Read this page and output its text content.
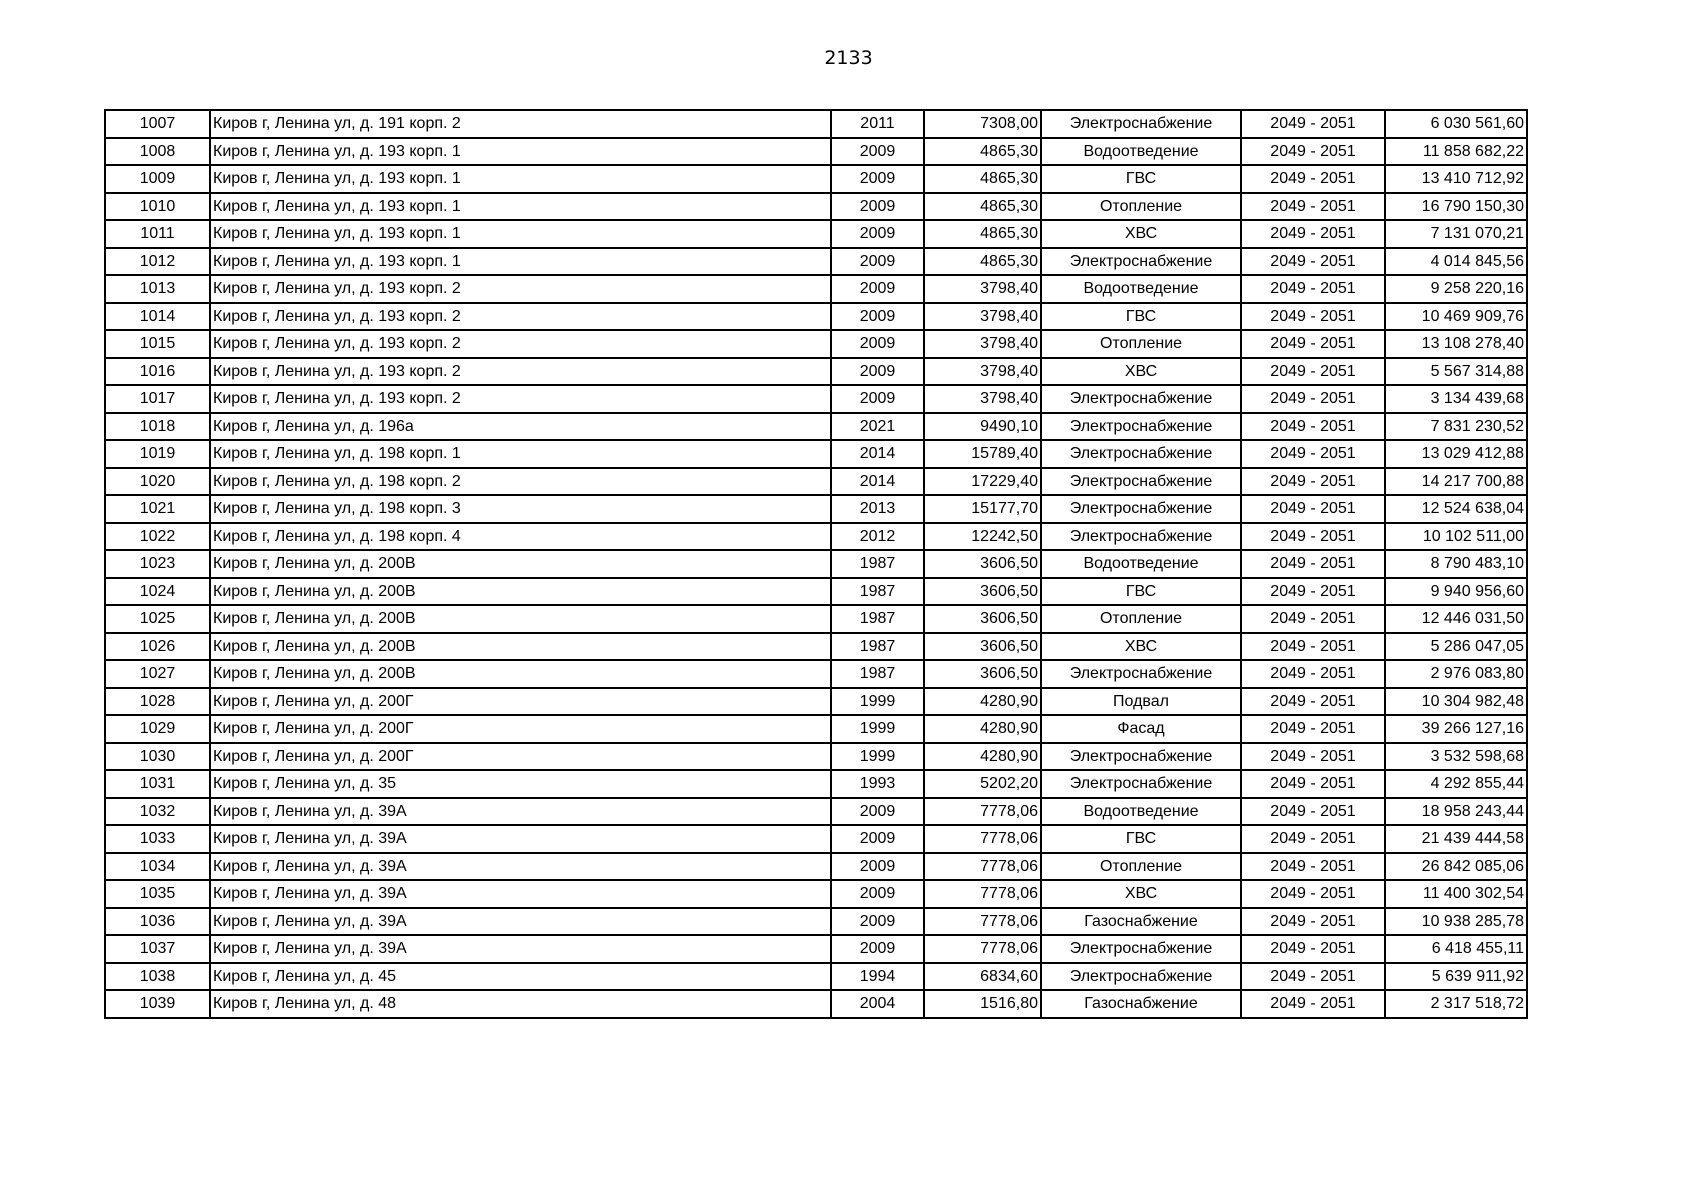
2133
1007	Киров г, Ленина ул, д. 191 корп. 2	2011	7308,00	Электроснабжение	2049 - 2051	6 030 561,60
1008	Киров г, Ленина ул, д. 193 корп. 1	2009	4865,30	Водоотведение	2049 - 2051	11 858 682,22
1009	Киров г, Ленина ул, д. 193 корп. 1	2009	4865,30	ГВС	2049 - 2051	13 410 712,92
1010	Киров г, Ленина ул, д. 193 корп. 1	2009	4865,30	Отопление	2049 - 2051	16 790 150,30
1011	Киров г, Ленина ул, д. 193 корп. 1	2009	4865,30	ХВС	2049 - 2051	7 131 070,21
1012	Киров г, Ленина ул, д. 193 корп. 1	2009	4865,30	Электроснабжение	2049 - 2051	4 014 845,56
1013	Киров г, Ленина ул, д. 193 корп. 2	2009	3798,40	Водоотведение	2049 - 2051	9 258 220,16
1014	Киров г, Ленина ул, д. 193 корп. 2	2009	3798,40	ГВС	2049 - 2051	10 469 909,76
1015	Киров г, Ленина ул, д. 193 корп. 2	2009	3798,40	Отопление	2049 - 2051	13 108 278,40
1016	Киров г, Ленина ул, д. 193 корп. 2	2009	3798,40	ХВС	2049 - 2051	5 567 314,88
1017	Киров г, Ленина ул, д. 193 корп. 2	2009	3798,40	Электроснабжение	2049 - 2051	3 134 439,68
1018	Киров г, Ленина ул, д. 196а	2021	9490,10	Электроснабжение	2049 - 2051	7 831 230,52
1019	Киров г, Ленина ул, д. 198 корп. 1	2014	15789,40	Электроснабжение	2049 - 2051	13 029 412,88
1020	Киров г, Ленина ул, д. 198 корп. 2	2014	17229,40	Электроснабжение	2049 - 2051	14 217 700,88
1021	Киров г, Ленина ул, д. 198 корп. 3	2013	15177,70	Электроснабжение	2049 - 2051	12 524 638,04
1022	Киров г, Ленина ул, д. 198 корп. 4	2012	12242,50	Электроснабжение	2049 - 2051	10 102 511,00
1023	Киров г, Ленина ул, д. 200В	1987	3606,50	Водоотведение	2049 - 2051	8 790 483,10
1024	Киров г, Ленина ул, д. 200В	1987	3606,50	ГВС	2049 - 2051	9 940 956,60
1025	Киров г, Ленина ул, д. 200В	1987	3606,50	Отопление	2049 - 2051	12 446 031,50
1026	Киров г, Ленина ул, д. 200В	1987	3606,50	ХВС	2049 - 2051	5 286 047,05
1027	Киров г, Ленина ул, д. 200В	1987	3606,50	Электроснабжение	2049 - 2051	2 976 083,80
1028	Киров г, Ленина ул, д. 200Г	1999	4280,90	Подвал	2049 - 2051	10 304 982,48
1029	Киров г, Ленина ул, д. 200Г	1999	4280,90	Фасад	2049 - 2051	39 266 127,16
1030	Киров г, Ленина ул, д. 200Г	1999	4280,90	Электроснабжение	2049 - 2051	3 532 598,68
1031	Киров г, Ленина ул, д. 35	1993	5202,20	Электроснабжение	2049 - 2051	4 292 855,44
1032	Киров г, Ленина ул, д. 39А	2009	7778,06	Водоотведение	2049 - 2051	18 958 243,44
1033	Киров г, Ленина ул, д. 39А	2009	7778,06	ГВС	2049 - 2051	21 439 444,58
1034	Киров г, Ленина ул, д. 39А	2009	7778,06	Отопление	2049 - 2051	26 842 085,06
1035	Киров г, Ленина ул, д. 39А	2009	7778,06	ХВС	2049 - 2051	11 400 302,54
1036	Киров г, Ленина ул, д. 39А	2009	7778,06	Газоснабжение	2049 - 2051	10 938 285,78
1037	Киров г, Ленина ул, д. 39А	2009	7778,06	Электроснабжение	2049 - 2051	6 418 455,11
1038	Киров г, Ленина ул, д. 45	1994	6834,60	Электроснабжение	2049 - 2051	5 639 911,92
1039	Киров г, Ленина ул, д. 48	2004	1516,80	Газоснабжение	2049 - 2051	2 317 518,72
